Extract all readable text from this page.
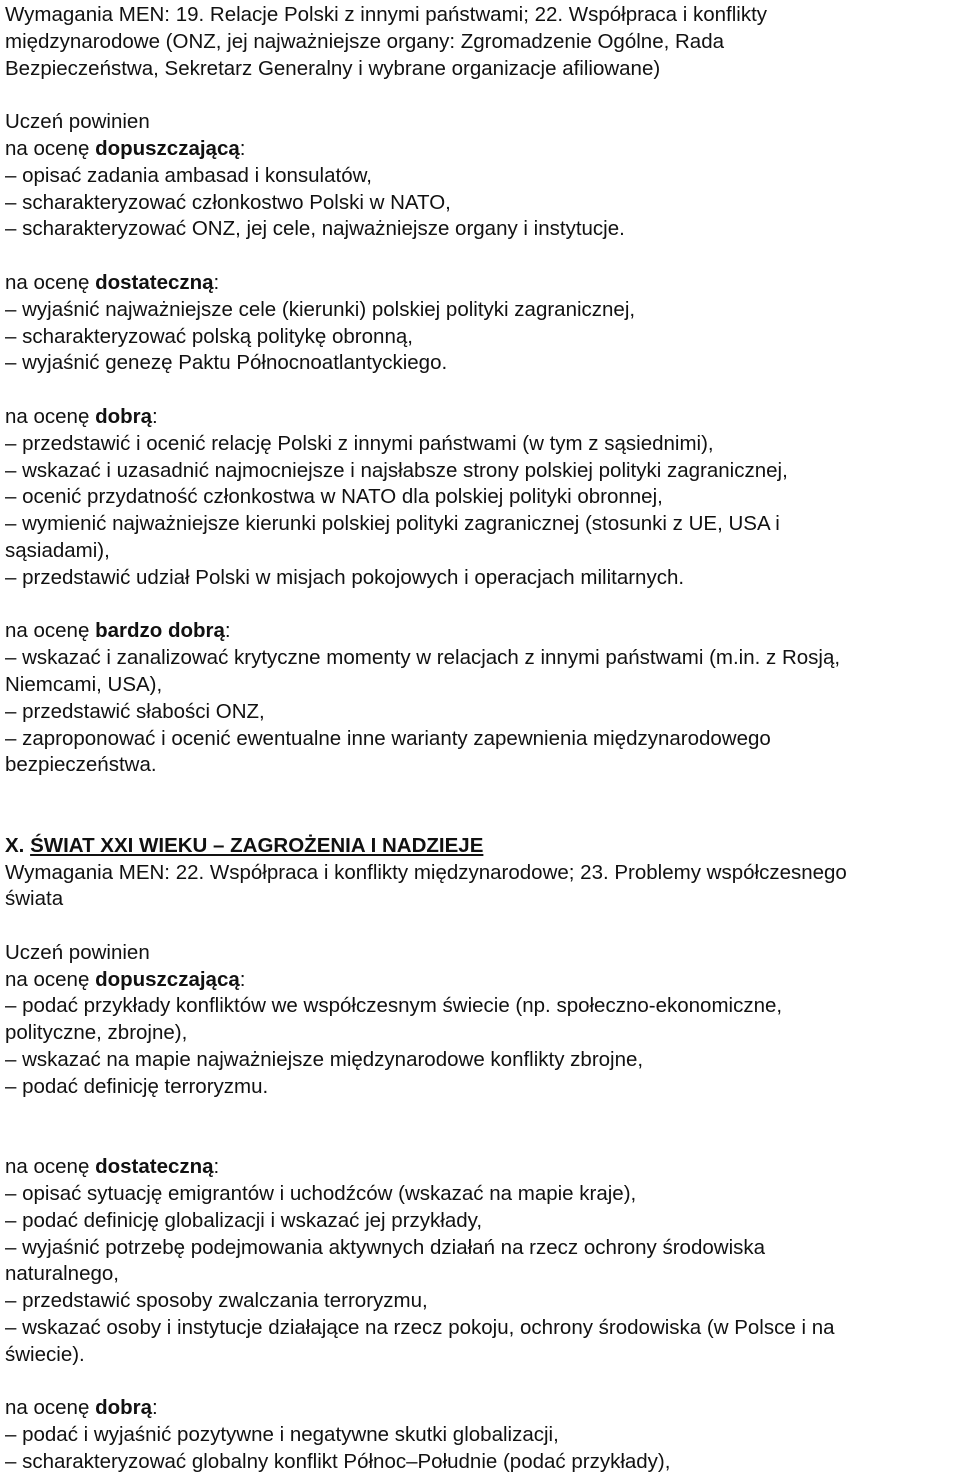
Wymagania MEN: 19. Relacje Polski z innymi państwami; 22. Współpraca i konflikty
międzynarodowe (ONZ, jej najważniejsze organy: Zgromadzenie Ogólne, Rada
Bezpieczeństwa, Sekretarz Generalny i wybrane organizacje afiliowane)
Uczeń powinien
na ocenę dopuszczającą:
– opisać zadania ambasad i konsulatów,
– scharakteryzować członkostwo Polski w NATO,
– scharakteryzować ONZ, jej cele, najważniejsze organy i instytucje.
na ocenę dostateczną:
– wyjaśnić najważniejsze cele (kierunki) polskiej polityki zagranicznej,
– scharakteryzować polską politykę obronną,
– wyjaśnić genezę Paktu Północnoatlantyckiego.
na ocenę dobrą:
– przedstawić i ocenić relację Polski z innymi państwami (w tym z sąsiednimi),
– wskazać i uzasadnić najmocniejsze i najsłabsze strony polskiej polityki zagranicznej,
– ocenić przydatność członkostwa w NATO dla polskiej polityki obronnej,
– wymienić najważniejsze kierunki polskiej polityki zagranicznej (stosunki z UE, USA i
sąsiadami),
– przedstawić udział Polski w misjach pokojowych i operacjach militarnych.
na ocenę bardzo dobrą:
– wskazać i zanalizować krytyczne momenty w relacjach z innymi państwami (m.in. z Rosją,
Niemcami, USA),
– przedstawić słabości ONZ,
– zaproponować i ocenić ewentualne inne warianty zapewnienia międzynarodowego
bezpieczeństwa.
X. ŚWIAT XXI WIEKU – ZAGROŻENIA I NADZIEJE
Wymagania MEN: 22. Współpraca i konflikty międzynarodowe; 23. Problemy współczesnego
świata
Uczeń powinien
na ocenę dopuszczającą:
– podać przykłady konfliktów we współczesnym świecie (np. społeczno-ekonomiczne,
polityczne, zbrojne),
– wskazać na mapie najważniejsze międzynarodowe konflikty zbrojne,
– podać definicję terroryzmu.
na ocenę dostateczną:
– opisać sytuację emigrantów i uchodźców (wskazać na mapie kraje),
– podać definicję globalizacji i wskazać jej przykłady,
– wyjaśnić potrzebę podejmowania aktywnych działań na rzecz ochrony środowiska
naturalnego,
– przedstawić sposoby zwalczania terroryzmu,
– wskazać osoby i instytucje działające na rzecz pokoju, ochrony środowiska (w Polsce i na
świecie).
na ocenę dobrą:
– podać i wyjaśnić pozytywne i negatywne skutki globalizacji,
– scharakteryzować globalny konflikt Północ–Południe (podać przykłady),
